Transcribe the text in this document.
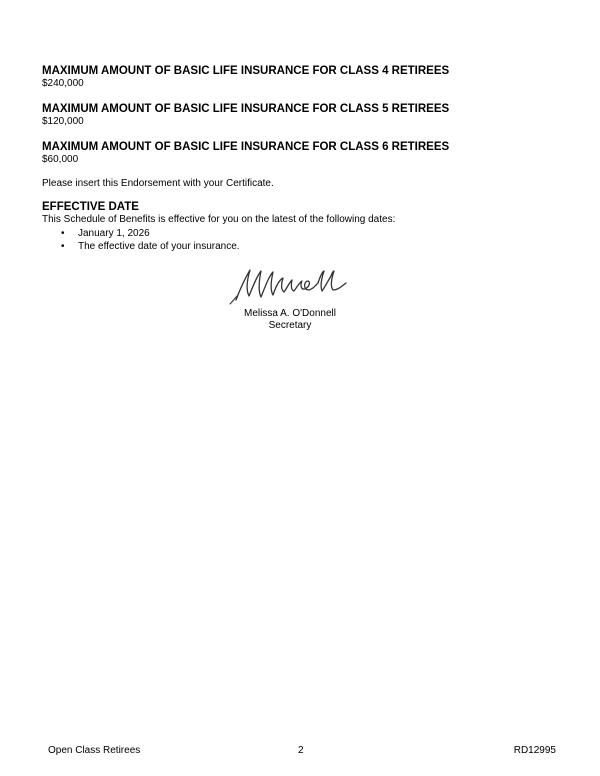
MAXIMUM AMOUNT OF BASIC LIFE INSURANCE FOR CLASS 4 RETIREES

$240,000

MAXIMUM AMOUNT OF BASIC LIFE INSURANCE FOR CLASS 5 RETIREES

$120,000

MAXIMUM AMOUNT OF BASIC LIFE INSURANCE FOR CLASS 6 RETIREES

$60,000

Please insert this Endorsement with your Certificate.

EFFECTIVE DATE

This Schedule of Benefits is effective for you on the latest of the following dates:

• January 1, 2026
• The effective date of your insurance.

Melissa A. O'Donnell

Secretary

Open Class Retirees	2	RD12995
